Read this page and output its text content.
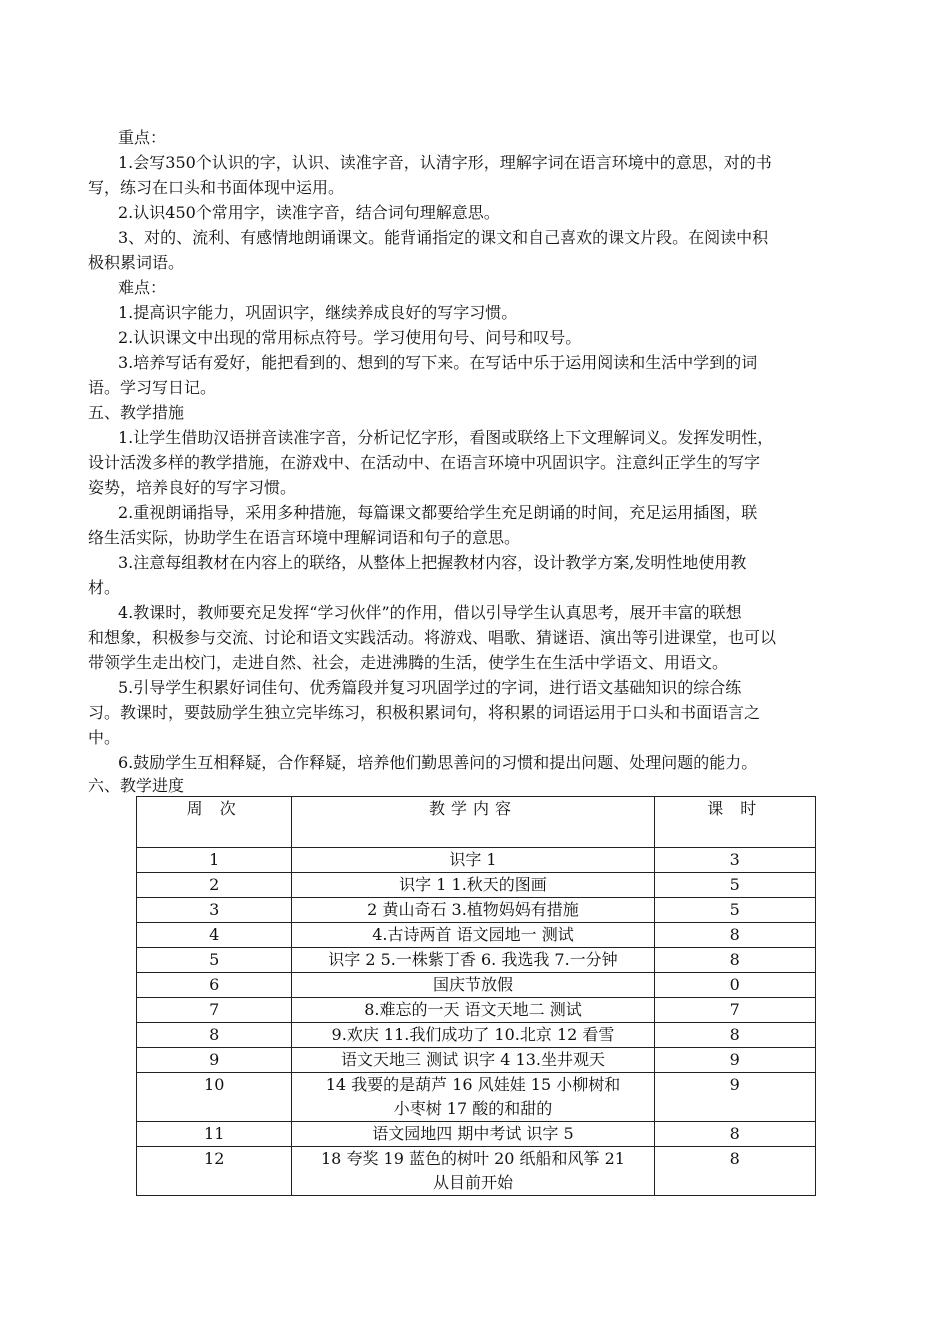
重点：
1.会写350个认识的字，认识、读准字音，认清字形，理解字词在语言环境中的意思，对的书
写，练习在口头和书面体现中运用。
2.认识450个常用字，读准字音，结合词句理解意思。
3、对的、流利、有感情地朗诵课文。能背诵指定的课文和自己喜欢的课文片段。在阅读中积
极积累词语。
难点：
1.提高识字能力，巩固识字，继续养成良好的写字习惯。
2.认识课文中出现的常用标点符号。学习使用句号、问号和叹号。
3.培养写话有爱好，能把看到的、想到的写下来。在写话中乐于运用阅读和生活中学到的词
语。学习写日记。
五、教学措施
1.让学生借助汉语拼音读准字音，分析记忆字形，看图或联络上下文理解词义。发挥发明性，
设计活泼多样的教学措施，在游戏中、在活动中、在语言环境中巩固识字。注意纠正学生的写字
姿势，培养良好的写字习惯。
2.重视朗诵指导，采用多种措施，每篇课文都要给学生充足朗诵的时间，充足运用插图，联
络生活实际，协助学生在语言环境中理解词语和句子的意思。
3.注意每组教材在内容上的联络，从整体上把握教材内容，设计教学方案,发明性地使用教
材。
4.教课时，教师要充足发挥“学习伙伴”的作用，借以引导学生认真思考，展开丰富的联想
和想象，积极参与交流、讨论和语文实践活动。将游戏、唱歌、猜谜语、演出等引进课堂，也可以
带领学生走出校门，走进自然、社会，走进沸腾的生活，使学生在生活中学语文、用语文。
5.引导学生积累好词佳句、优秀篇段并复习巩固学过的字词，进行语文基础知识的综合练
习。教课时，要鼓励学生独立完毕练习，积极积累词句，将积累的词语运用于口头和书面语言之
中。
6.鼓励学生互相释疑，合作释疑，培养他们勤思善问的习惯和提出问题、处理问题的能力。
六、教学进度
周 次	教学内容	课 时
1	识字 1	3
2	识字 1 1.秋天的图画	5
3	2 黄山奇石 3.植物妈妈有措施	5
4	4.古诗两首 语文园地一 测试	8
5	识字 2 5.一株紫丁香 6. 我选我 7.一分钟	8
6	国庆节放假	0
7	8.难忘的一天 语文天地二 测试	7
8	9.欢庆 11.我们成功了 10.北京 12 看雪	8
9	语文天地三 测试 识字 4 13.坐井观天	9
10	14 我要的是葫芦 16 风娃娃 15 小柳树和
小枣树 17 酸的和甜的	9
11	语文园地四 期中考试 识字 5	8
12	18 夸奖 19 蓝色的树叶 20 纸船和风筝 21
从目前开始	8
